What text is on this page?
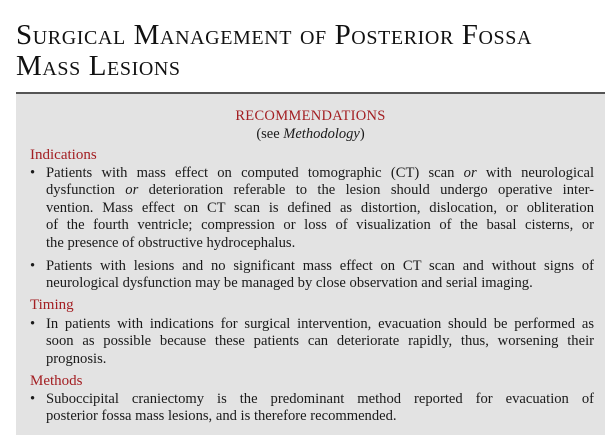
Surgical Management of Posterior Fossa
Mass Lesions
RECOMMENDATIONS
(see Methodology)
Indications
• Patients with mass effect on computed tomographic (CT) scan or with neurological
dysfunction or deterioration referable to the lesion should undergo operative inter-
vention. Mass effect on CT scan is defined as distortion, dislocation, or obliteration
of the fourth ventricle; compression or loss of visualization of the basal cisterns, or
the presence of obstructive hydrocephalus.
• Patients with lesions and no significant mass effect on CT scan and without signs of
neurological dysfunction may be managed by close observation and serial imaging.
Timing
• In patients with indications for surgical intervention, evacuation should be performed as
soon as possible because these patients can deteriorate rapidly, thus, worsening their
prognosis.
Methods
• Suboccipital craniectomy is the predominant method reported for evacuation of
posterior fossa mass lesions, and is therefore recommended.
